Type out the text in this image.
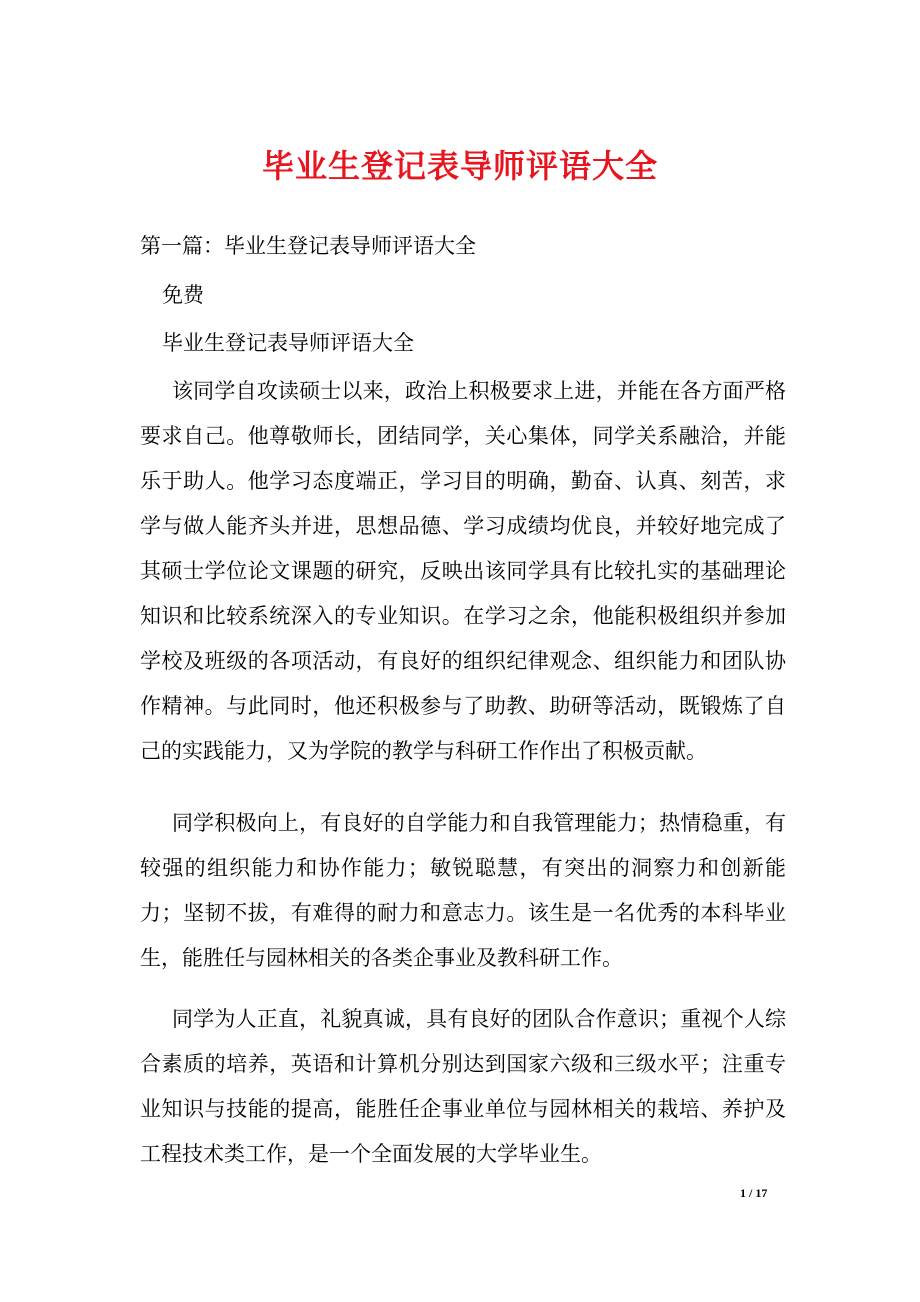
毕业生登记表导师评语大全
第一篇：毕业生登记表导师评语大全
免费
毕业生登记表导师评语大全

该同学自攻读硕士以来，政治上积极要求上进，并能在各方面严格要求自己。他尊敬师长，团结同学，关心集体，同学关系融洽，并能乐于助人。他学习态度端正，学习目的明确，勤奋、认真、刻苦，求学与做人能齐头并进，思想品德、学习成绩均优良，并较好地完成了其硕士学位论文课题的研究，反映出该同学具有比较扎实的基础理论知识和比较系统深入的专业知识。在学习之余，他能积极组织并参加学校及班级的各项活动，有良好的组织纪律观念、组织能力和团队协作精神。与此同时，他还积极参与了助教、助研等活动，既锻炼了自己的实践能力，又为学院的教学与科研工作作出了积极贡献。

同学积极向上，有良好的自学能力和自我管理能力；热情稳重，有较强的组织能力和协作能力；敏锐聪慧，有突出的洞察力和创新能力；坚韧不拔，有难得的耐力和意志力。该生是一名优秀的本科毕业生，能胜任与园林相关的各类企事业及教科研工作。

同学为人正直，礼貌真诚，具有良好的团队合作意识；重视个人综合素质的培养，英语和计算机分别达到国家六级和三级水平；注重专业知识与技能的提高，能胜任企事业单位与园林相关的栽培、养护及工程技术类工作，是一个全面发展的大学毕业生。

1 / 17
